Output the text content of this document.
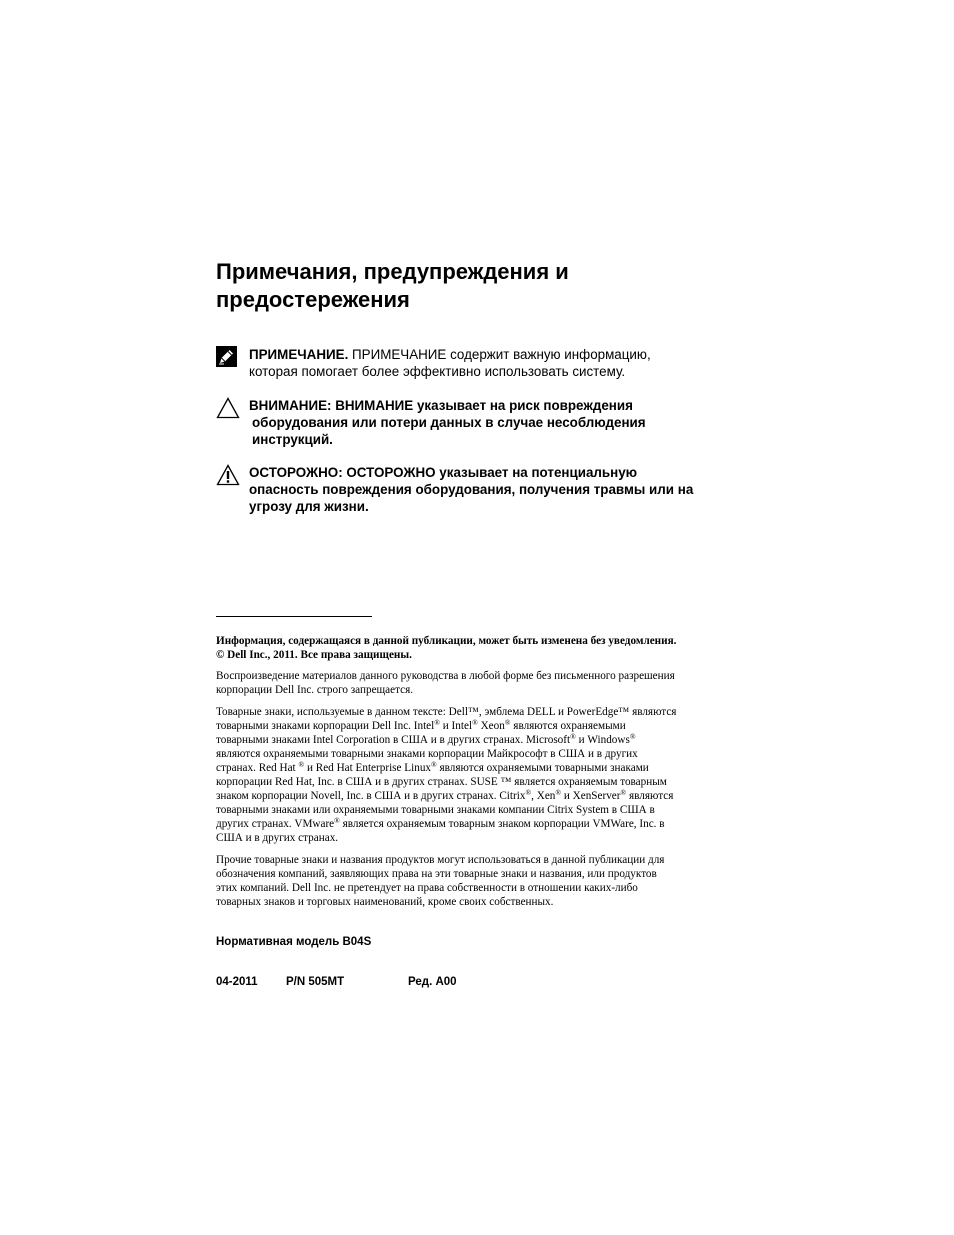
Примечания, предупреждения и
предостережения
ПРИМЕЧАНИЕ. ПРИМЕЧАНИЕ содержит важную информацию,
которая помогает более эффективно использовать систему.
ВНИМАНИЕ: ВНИМАНИЕ указывает на риск повреждения
оборудования или потери данных в случае несоблюдения
инструкций.
ОСТОРОЖНО: ОСТОРОЖНО указывает на потенциальную
опасность повреждения оборудования, получения травмы или на
угрозу для жизни.

Информация, содержащаяся в данной публикации, может быть изменена без уведомления.
© Dell Inc., 2011. Все права защищены.

Воспроизведение материалов данного руководства в любой форме без письменного разрешения
корпорации Dell Inc. строго запрещается.

Товарные знаки, используемые в данном тексте: Dell™, эмблема DELL и PowerEdge™ являются
товарными знаками корпорации Dell Inc. Intel® и Intel® Xeon® являются охраняемыми
товарными знаками Intel Corporation в США и в других странах. Microsoft® и Windows®
являются охраняемыми товарными знаками корпорации Майкрософт в США и в других
странах. Red Hat ® и Red Hat Enterprise Linux® являются охраняемыми товарными знаками
корпорации Red Hat, Inc. в США и в других странах. SUSE ™ является охраняемым товарным
знаком корпорации Novell, Inc. в США и в других странах. Citrix®, Xen® и XenServer® являются
товарными знаками или охраняемыми товарными знаками компании Citrix System в США в
других странах. VMware® является охраняемым товарным знаком корпорации VMWare, Inc. в
США и в других странах.

Прочие товарные знаки и названия продуктов могут использоваться в данной публикации для
обозначения компаний, заявляющих права на эти товарные знаки и названия, или продуктов
этих компаний. Dell Inc. не претендует на права собственности в отношении каких-либо
товарных знаков и торговых наименований, кроме своих собственных.

Нормативная модель B04S
04-2011 P/N 505MT	Ред. A00
